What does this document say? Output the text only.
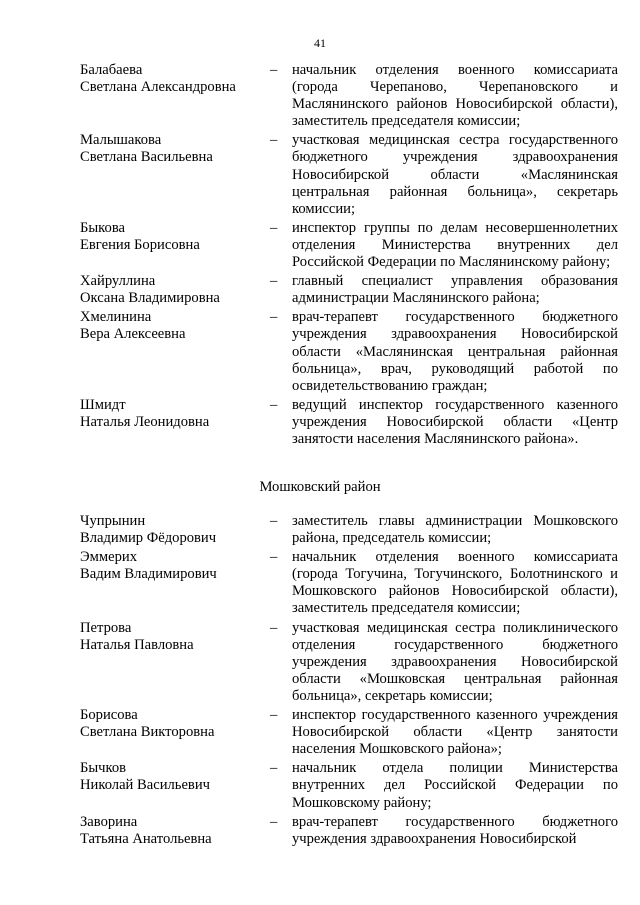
41
Балабаева
Светлана Александровна
–	начальник отделения военного комиссариата (города Черепаново, Черепановского и Маслянинского районов Новосибирской области), заместитель председателя комиссии;
Малышакова
Светлана Васильевна
–	участковая медицинская сестра государственного бюджетного учреждения здравоохранения Новосибирской области «Маслянинская центральная районная больница», секретарь комиссии;
Быкова
Евгения Борисовна
–	инспектор группы по делам несовершеннолетних отделения Министерства внутренних дел Российской Федерации по Маслянинскому району;
Хайруллина
Оксана Владимировна
–	главный специалист управления образования администрации Маслянинского района;
Хмелинина
Вера Алексеевна
–	врач-терапевт государственного бюджетного учреждения здравоохранения Новосибирской области «Маслянинская центральная районная больница», врач, руководящий работой по освидетельствованию граждан;
Шмидт
Наталья Леонидовна
–	ведущий инспектор государственного казенного учреждения Новосибирской области «Центр занятости населения Маслянинского района».
Мошковский район
Чупрынин
Владимир Фёдорович
–	заместитель главы администрации Мошковского района, председатель комиссии;
Эммерих
Вадим Владимирович
–	начальник отделения военного комиссариата (города Тогучина, Тогучинского, Болотнинского и Мошковского районов Новосибирской области), заместитель председателя комиссии;
Петрова
Наталья Павловна
–	участковая медицинская сестра поликлинического отделения государственного бюджетного учреждения здравоохранения Новосибирской области «Мошковская центральная районная больница», секретарь комиссии;
Борисова
Светлана Викторовна
–	инспектор государственного казенного учреждения Новосибирской области «Центр занятости населения Мошковского района»;
Бычков
Николай Васильевич
–	начальник отдела полиции Министерства внутренних дел Российской Федерации по Мошковскому району;
Заворина
Татьяна Анатольевна
–	врач-терапевт государственного бюджетного учреждения здравоохранения Новосибирской
